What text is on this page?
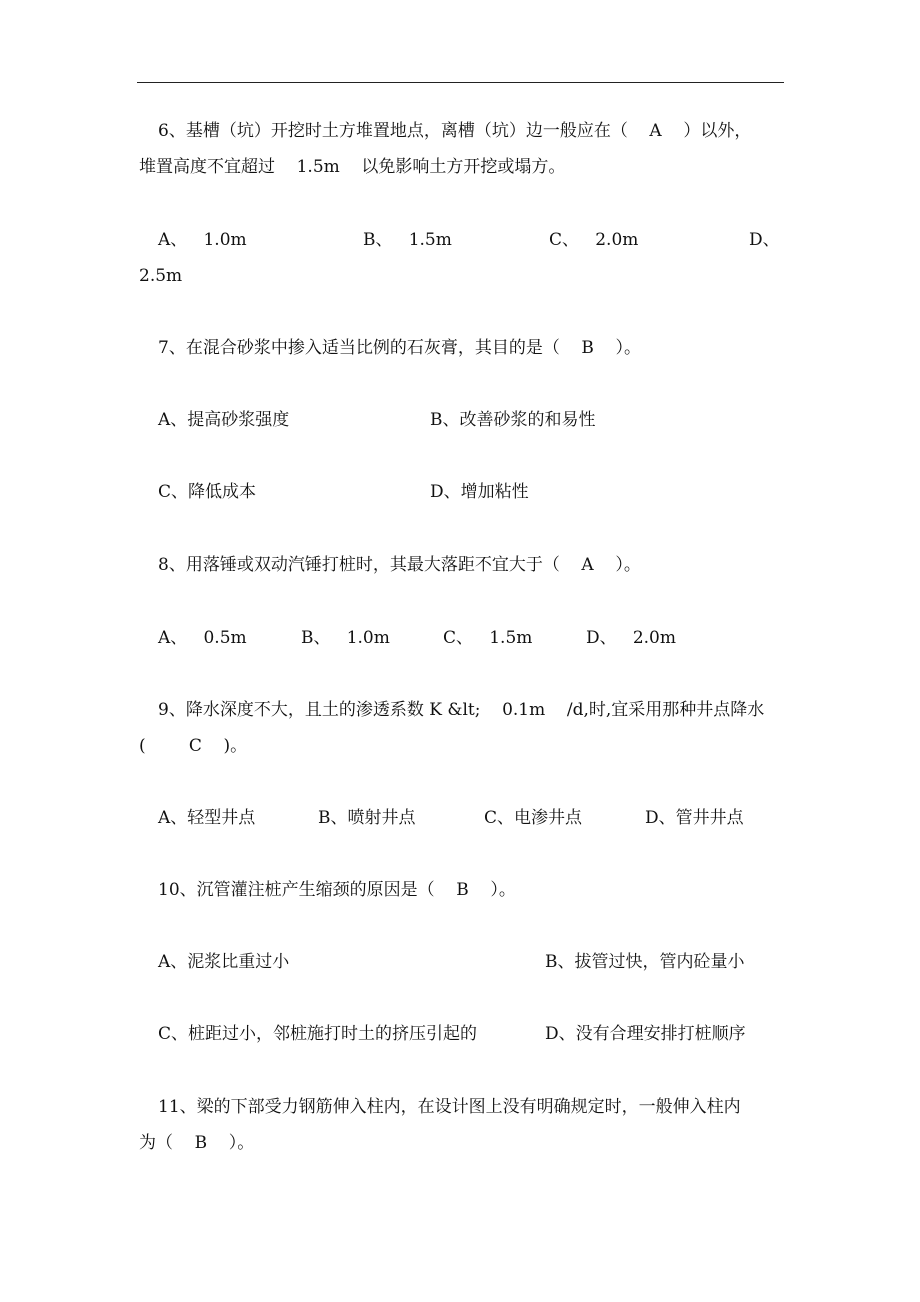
6、基槽（坑）开挖时土方堆置地点，离槽（坑）边一般应在（    A    ）以外，
堆置高度不宜超过    1.5m    以免影响土方开挖或塌方。
A、   1.0m	B、   1.5m	C、   2.0m	D、
2.5m
7、在混合砂浆中掺入适当比例的石灰膏，其目的是（    B    ）。
A、提高砂浆强度	B、改善砂浆的和易性
C、降低成本	D、增加粘性
8、用落锤或双动汽锤打桩时，其最大落距不宜大于（    A    ）。
A、   0.5m	B、   1.0m	C、   1.5m	D、   2.0m
9、降水深度不大，且土的渗透系数 K &lt;    0.1m    /d,时,宜采用那种井点降水
(        C    )。
A、轻型井点	B、喷射井点	C、电渗井点	D、管井井点
10、沉管灌注桩产生缩颈的原因是（    B    ）。
A、泥浆比重过小	B、拔管过快，管内砼量小
C、桩距过小，邻桩施打时土的挤压引起的	D、没有合理安排打桩顺序
11、梁的下部受力钢筋伸入柱内，在设计图上没有明确规定时，一般伸入柱内
为（    B    ）。
